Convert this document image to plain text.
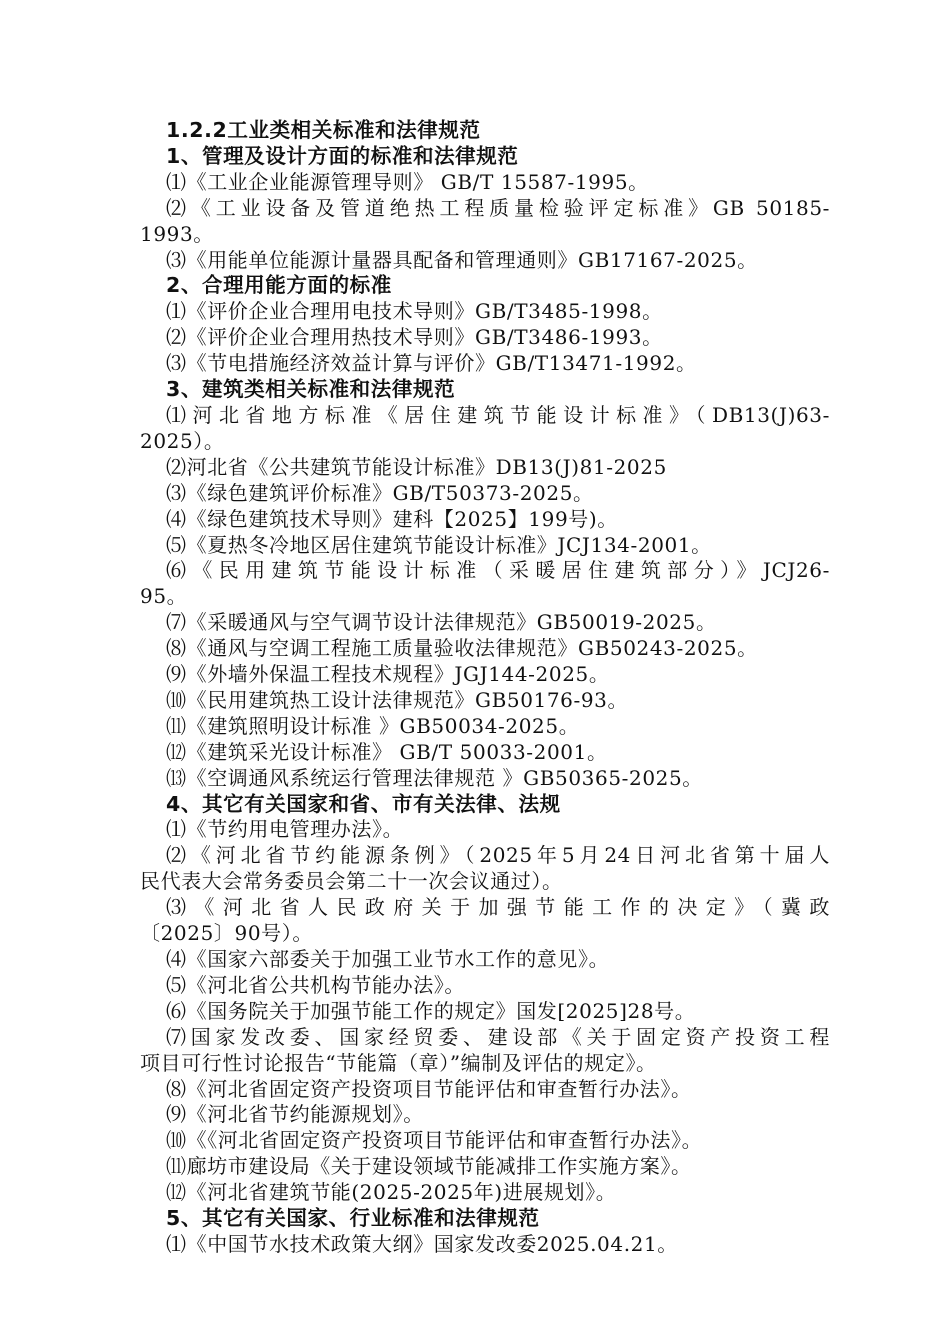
1.2.2工业类相关标准和法律规范
1、管理及设计方面的标准和法律规范
⑴《工业企业能源管理导则》 GB/T 15587-1995。
⑵《工业设备及管道绝热工程质量检验评定标准》GB 50185-
1993。
⑶《用能单位能源计量器具配备和管理通则》GB17167-2025。
2、合理用能方面的标准
⑴《评价企业合理用电技术导则》GB/T3485-1998。
⑵《评价企业合理用热技术导则》GB/T3486-1993。
⑶《节电措施经济效益计算与评价》GB/T13471-1992。
3、建筑类相关标准和法律规范
⑴河北省地方标准《居住建筑节能设计标准》（DB13(J)63-
2025）。
⑵河北省《公共建筑节能设计标准》DB13(J)81-2025
⑶《绿色建筑评价标准》GB/T50373-2025。
⑷《绿色建筑技术导则》建科【2025】199号)。
⑸《夏热冬冷地区居住建筑节能设计标准》JCJ134-2001。
⑹《民用建筑节能设计标准（采暖居住建筑部分）》JCJ26-
95。
⑺《采暖通风与空气调节设计法律规范》GB50019-2025。
⑻《通风与空调工程施工质量验收法律规范》GB50243-2025。
⑼《外墙外保温工程技术规程》JGJ144-2025。
⑽《民用建筑热工设计法律规范》GB50176-93。
⑾《建筑照明设计标准 》GB50034-2025。
⑿《建筑采光设计标准》 GB/T 50033-2001。
⒀《空调通风系统运行管理法律规范 》GB50365-2025。
4、其它有关国家和省、市有关法律、法规
⑴《节约用电管理办法》。
⑵《河北省节约能源条例》（2025年5月24日河北省第十届人
民代表大会常务委员会第二十一次会议通过）。
⑶《河北省人民政府关于加强节能工作的决定》（冀政
〔2025〕90号）。
⑷《国家六部委关于加强工业节水工作的意见》。
⑸《河北省公共机构节能办法》。
⑹《国务院关于加强节能工作的规定》国发[2025]28号。
⑺国家发改委、国家经贸委、建设部《关于固定资产投资工程
项目可行性讨论报告“节能篇（章）”编制及评估的规定》。
⑻《河北省固定资产投资项目节能评估和审查暂行办法》。
⑼《河北省节约能源规划》。
⑽《《河北省固定资产投资项目节能评估和审查暂行办法》。
⑾廊坊市建设局《关于建设领域节能减排工作实施方案》。
⑿《河北省建筑节能(2025-2025年)进展规划》。
5、其它有关国家、行业标准和法律规范
⑴《中国节水技术政策大纲》国家发改委2025.04.21。
